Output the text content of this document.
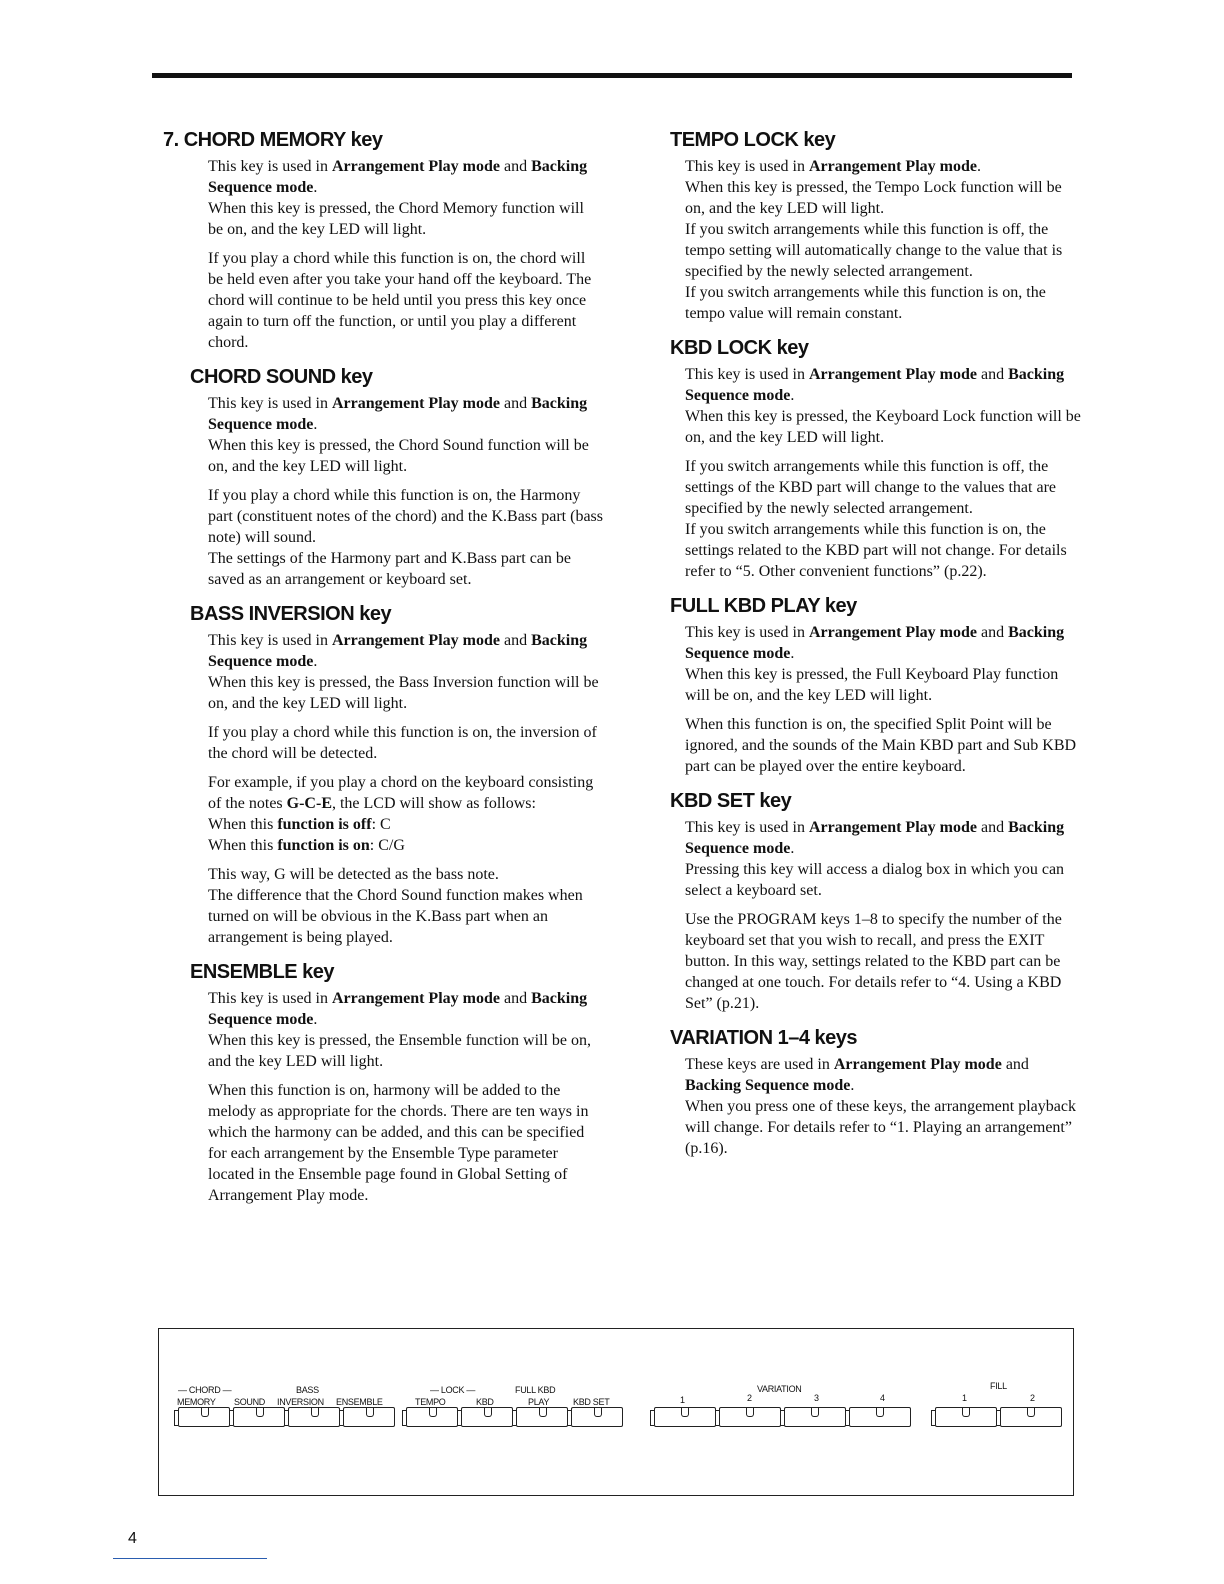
7. CHORD MEMORY key

This key is used in Arrangement Play mode and Backing Sequence mode.
When this key is pressed, the Chord Memory function will be on, and the key LED will light.

If you play a chord while this function is on, the chord will be held even after you take your hand off the keyboard. The chord will continue to be held until you press this key once again to turn off the function, or until you play a different chord.

CHORD SOUND key

This key is used in Arrangement Play mode and Backing Sequence mode.
When this key is pressed, the Chord Sound function will be on, and the key LED will light.

If you play a chord while this function is on, the Harmony part (constituent notes of the chord) and the K.Bass part (bass note) will sound.
The settings of the Harmony part and K.Bass part can be saved as an arrangement or keyboard set.

BASS INVERSION key

This key is used in Arrangement Play mode and Backing Sequence mode.
When this key is pressed, the Bass Inversion function will be on, and the key LED will light.

If you play a chord while this function is on, the inversion of the chord will be detected.

For example, if you play a chord on the keyboard consisting of the notes G-C-E, the LCD will show as follows:
When this function is off: C
When this function is on: C/G

This way, G will be detected as the bass note.
The difference that the Chord Sound function makes when turned on will be obvious in the K.Bass part when an arrangement is being played.

ENSEMBLE key

This key is used in Arrangement Play mode and Backing Sequence mode.
When this key is pressed, the Ensemble function will be on, and the key LED will light.

When this function is on, harmony will be added to the melody as appropriate for the chords. There are ten ways in which the harmony can be added, and this can be specified for each arrangement by the Ensemble Type parameter located in the Ensemble page found in Global Setting of Arrangement Play mode.

TEMPO LOCK key

This key is used in Arrangement Play mode.
When this key is pressed, the Tempo Lock function will be on, and the key LED will light.
If you switch arrangements while this function is off, the tempo setting will automatically change to the value that is specified by the newly selected arrangement.
If you switch arrangements while this function is on, the tempo value will remain constant.

KBD LOCK key

This key is used in Arrangement Play mode and Backing Sequence mode.
When this key is pressed, the Keyboard Lock function will be on, and the key LED will light.

If you switch arrangements while this function is off, the settings of the KBD part will change to the values that are specified by the newly selected arrangement.
If you switch arrangements while this function is on, the settings related to the KBD part will not change. For details refer to “5. Other convenient functions” (p.22).

FULL KBD PLAY key

This key is used in Arrangement Play mode and Backing Sequence mode.
When this key is pressed, the Full Keyboard Play function will be on, and the key LED will light.

When this function is on, the specified Split Point will be ignored, and the sounds of the Main KBD part and Sub KBD part can be played over the entire keyboard.

KBD SET key

This key is used in Arrangement Play mode and Backing Sequence mode.
Pressing this key will access a dialog box in which you can select a keyboard set.

Use the PROGRAM keys 1–8 to specify the number of the keyboard set that you wish to recall, and press the EXIT button. In this way, settings related to the KBD part can be changed at one touch. For details refer to “4. Using a KBD Set” (p.21).

VARIATION 1–4 keys

These keys are used in Arrangement Play mode and Backing Sequence mode.
When you press one of these keys, the arrangement playback will change. For details refer to “1. Playing an arrangement” (p.16).

— CHORD —	BASS
MEMORY SOUND INVERSION ENSEMBLE
— LOCK —	FULL KBD
TEMPO	KBD	PLAY	KBD SET
VARIATION
1	2	3	4
FILL
1	2
4
